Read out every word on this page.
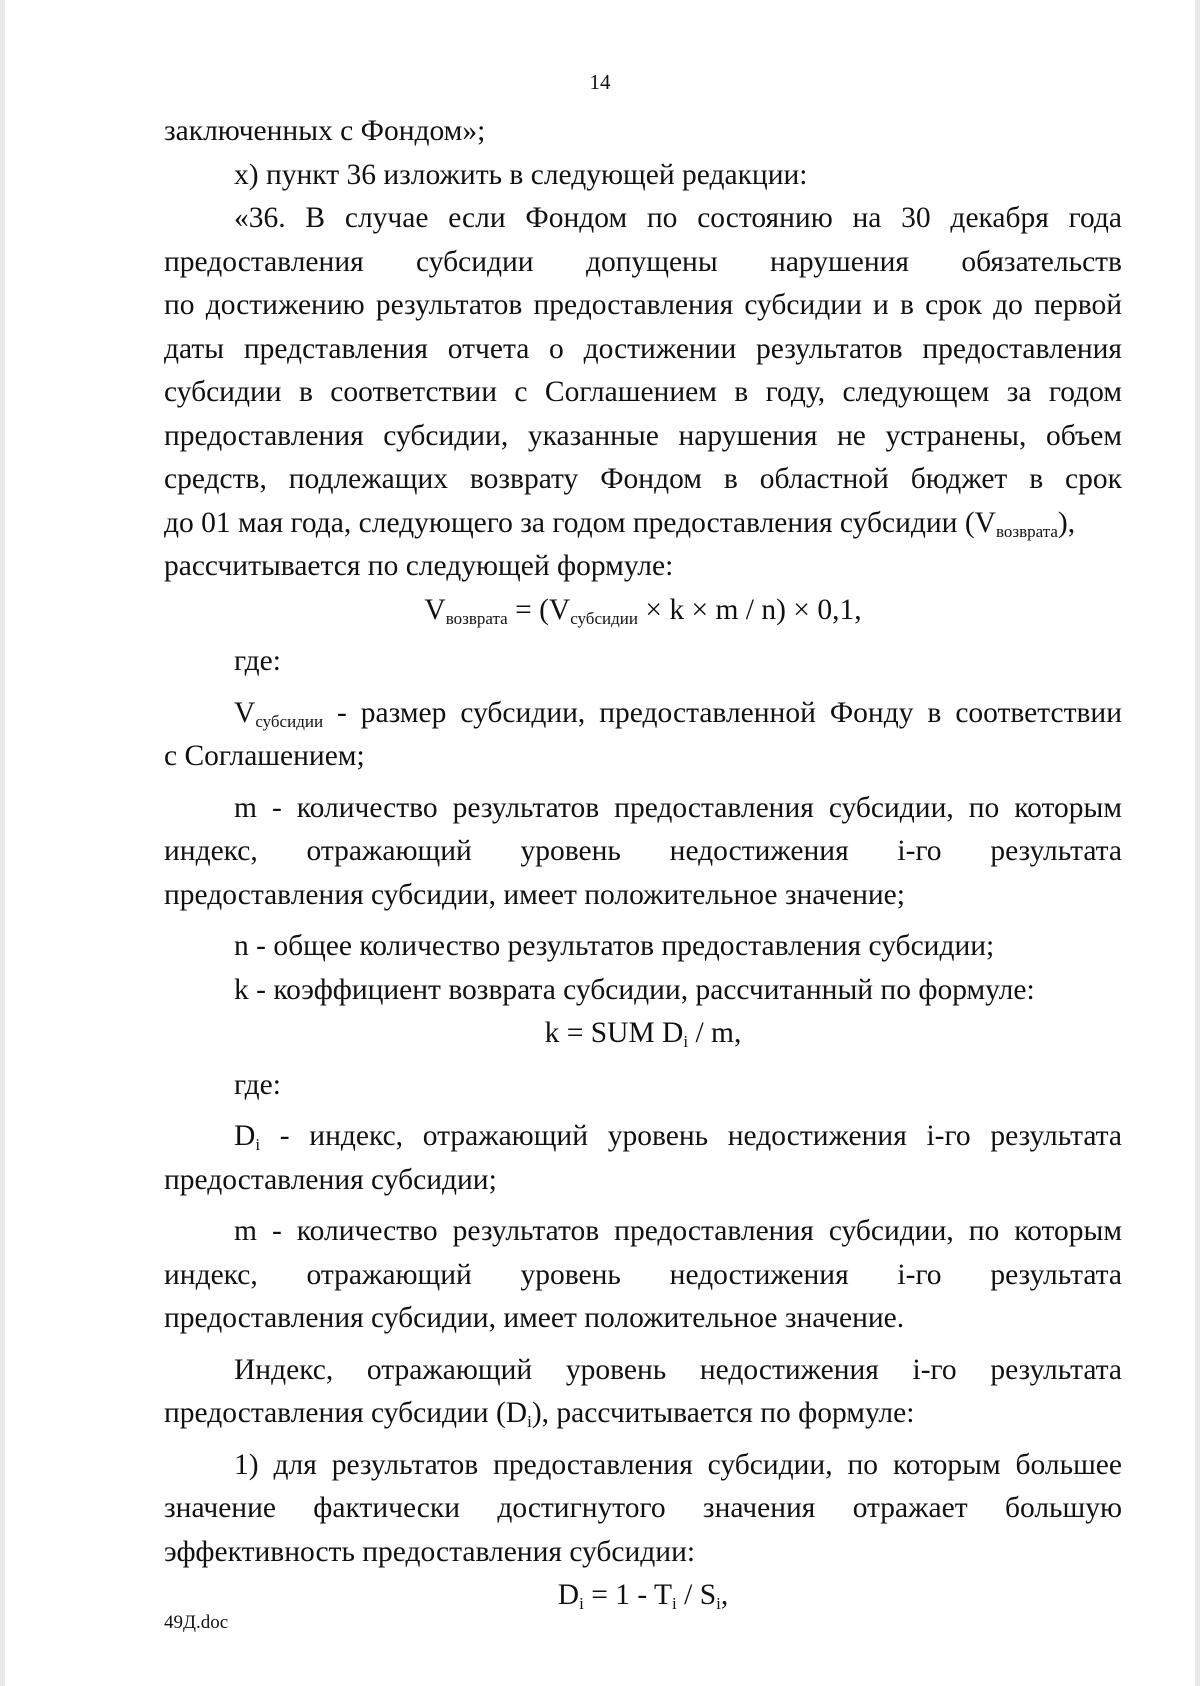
14

заключенных с Фондом»;

х) пункт 36 изложить в следующей редакции:

«36. В случае если Фондом по состоянию на 30 декабря года

предоставления субсидии допущены нарушения обязательств

по достижению результатов предоставления субсидии и в срок до первой

даты представления отчета о достижении результатов предоставления

субсидии в соответствии с Соглашением в году, следующем за годом

предоставления субсидии, указанные нарушения не устранены, объем

средств, подлежащих возврату Фондом в областной бюджет в срок

до 01 мая года, следующего за годом предоставления субсидии $(V_{возврата})$,

рассчитывается по следующей формуле:

$V_{возврата} = (V_{субсидии} \times k \times m / n) \times 0,1$,

где:

$V_{субсидии}$ - размер субсидии, предоставленной Фонду в соответствии

с Соглашением;

m - количество результатов предоставления субсидии, по которым

индекс, отражающий уровень недостижения i-го результата

предоставления субсидии, имеет положительное значение;

n - общее количество результатов предоставления субсидии;

k - коэффициент возврата субсидии, рассчитанный по формуле:

k = SUM $D_i$ / m,

где:

$D_i$ - индекс, отражающий уровень недостижения i-го результата

предоставления субсидии;

m - количество результатов предоставления субсидии, по которым

индекс, отражающий уровень недостижения i-го результата

предоставления субсидии, имеет положительное значение.

Индекс, отражающий уровень недостижения i-го результата

предоставления субсидии $(D_i)$, рассчитывается по формуле:

1) для результатов предоставления субсидии, по которым большее

значение фактически достигнутого значения отражает большую

эффективность предоставления субсидии:

$D_i = 1 - T_i / S_i$,

49Д.doc
